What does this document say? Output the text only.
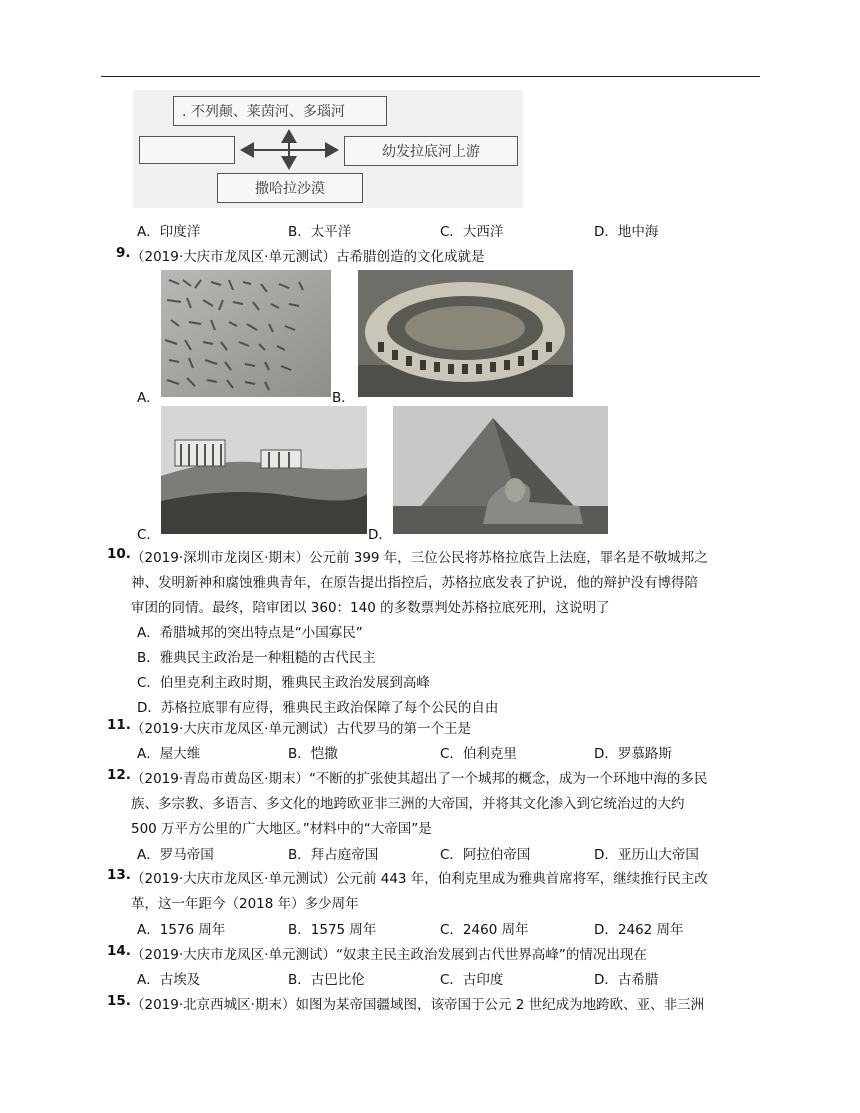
. 不列颠、莱茵河、多瑙河
幼发拉底河上游
撒哈拉沙漠
A．印度洋	B．太平洋	C．大西洋	D．地中海
9. （2019·大庆市龙凤区·单元测试）古希腊创造的文化成就是
A．	B．
C．	D．
10. （2019·深圳市龙岗区·期末）公元前 399 年，三位公民将苏格拉底告上法庭，罪名是不敬城邦之
神、发明新神和腐蚀雅典青年，在原告提出指控后，苏格拉底发表了护说，他的辩护没有博得陪
审团的同情。最终，陪审团以 360：140 的多数票判处苏格拉底死刑，这说明了
A．希腊城邦的突出特点是“小国寡民”
B．雅典民主政治是一种粗糙的古代民主
C．伯里克利主政时期，雅典民主政治发展到高峰
D．苏格拉底罪有应得，雅典民主政治保障了每个公民的自由
11. （2019·大庆市龙凤区·单元测试）古代罗马的第一个王是
A．屋大维	B．恺撒	C．伯利克里	D．罗慕路斯
12. （2019·青岛市黄岛区·期末）“不断的扩张使其超出了一个城邦的概念，成为一个环地中海的多民
族、多宗教、多语言、多文化的地跨欧亚非三洲的大帝国，并将其文化渗入到它统治过的大约
500 万平方公里的广大地区。”材料中的“大帝国”是
A．罗马帝国	B．拜占庭帝国	C．阿拉伯帝国	D．亚历山大帝国
13. （2019·大庆市龙凤区·单元测试）公元前 443 年，伯利克里成为雅典首席将军，继续推行民主改
革，这一年距今（2018 年）多少周年
A．1576 周年	B．1575 周年	C．2460 周年	D．2462 周年
14. （2019·大庆市龙凤区·单元测试）“奴隶主民主政治发展到古代世界高峰”的情况出现在
A．古埃及	B．古巴比伦	C．古印度	D．古希腊
15. （2019·北京西城区·期末）如图为某帝国疆域图，该帝国于公元 2 世纪成为地跨欧、亚、非三洲
